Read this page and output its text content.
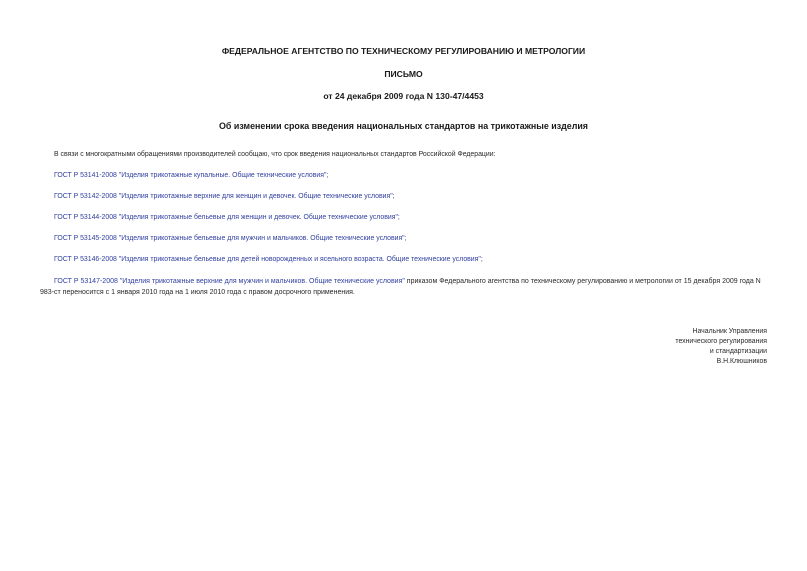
ФЕДЕРАЛЬНОЕ АГЕНТСТВО ПО ТЕХНИЧЕСКОМУ РЕГУЛИРОВАНИЮ И МЕТРОЛОГИИ
ПИСЬМО
от 24 декабря 2009 года N 130-47/4453
Об изменении срока введения национальных стандартов на трикотажные изделия
В связи с многократными обращениями производителей сообщаю, что срок введения национальных стандартов Российской Федерации:
ГОСТ Р 53141-2008 "Изделия трикотажные купальные. Общие технические условия";
ГОСТ Р 53142-2008 "Изделия трикотажные верхние для женщин и девочек. Общие технические условия";
ГОСТ Р 53144-2008 "Изделия трикотажные бельевые для женщин и девочек. Общие технические условия";
ГОСТ Р 53145-2008 "Изделия трикотажные бельевые для мужчин и мальчиков. Общие технические условия";
ГОСТ Р 53146-2008 "Изделия трикотажные бельевые для детей новорожденных и ясельного возраста. Общие технические условия";
ГОСТ Р 53147-2008 "Изделия трикотажные верхние для мужчин и мальчиков. Общие технические условия" приказом Федерального агентства по техническому регулированию и метрологии от 15 декабря 2009 года N 983-ст переносится с 1 января 2010 года на 1 июля 2010 года с правом досрочного применения.
Начальник Управления
технического регулирования
и стандартизации
В.Н.Клюшников
